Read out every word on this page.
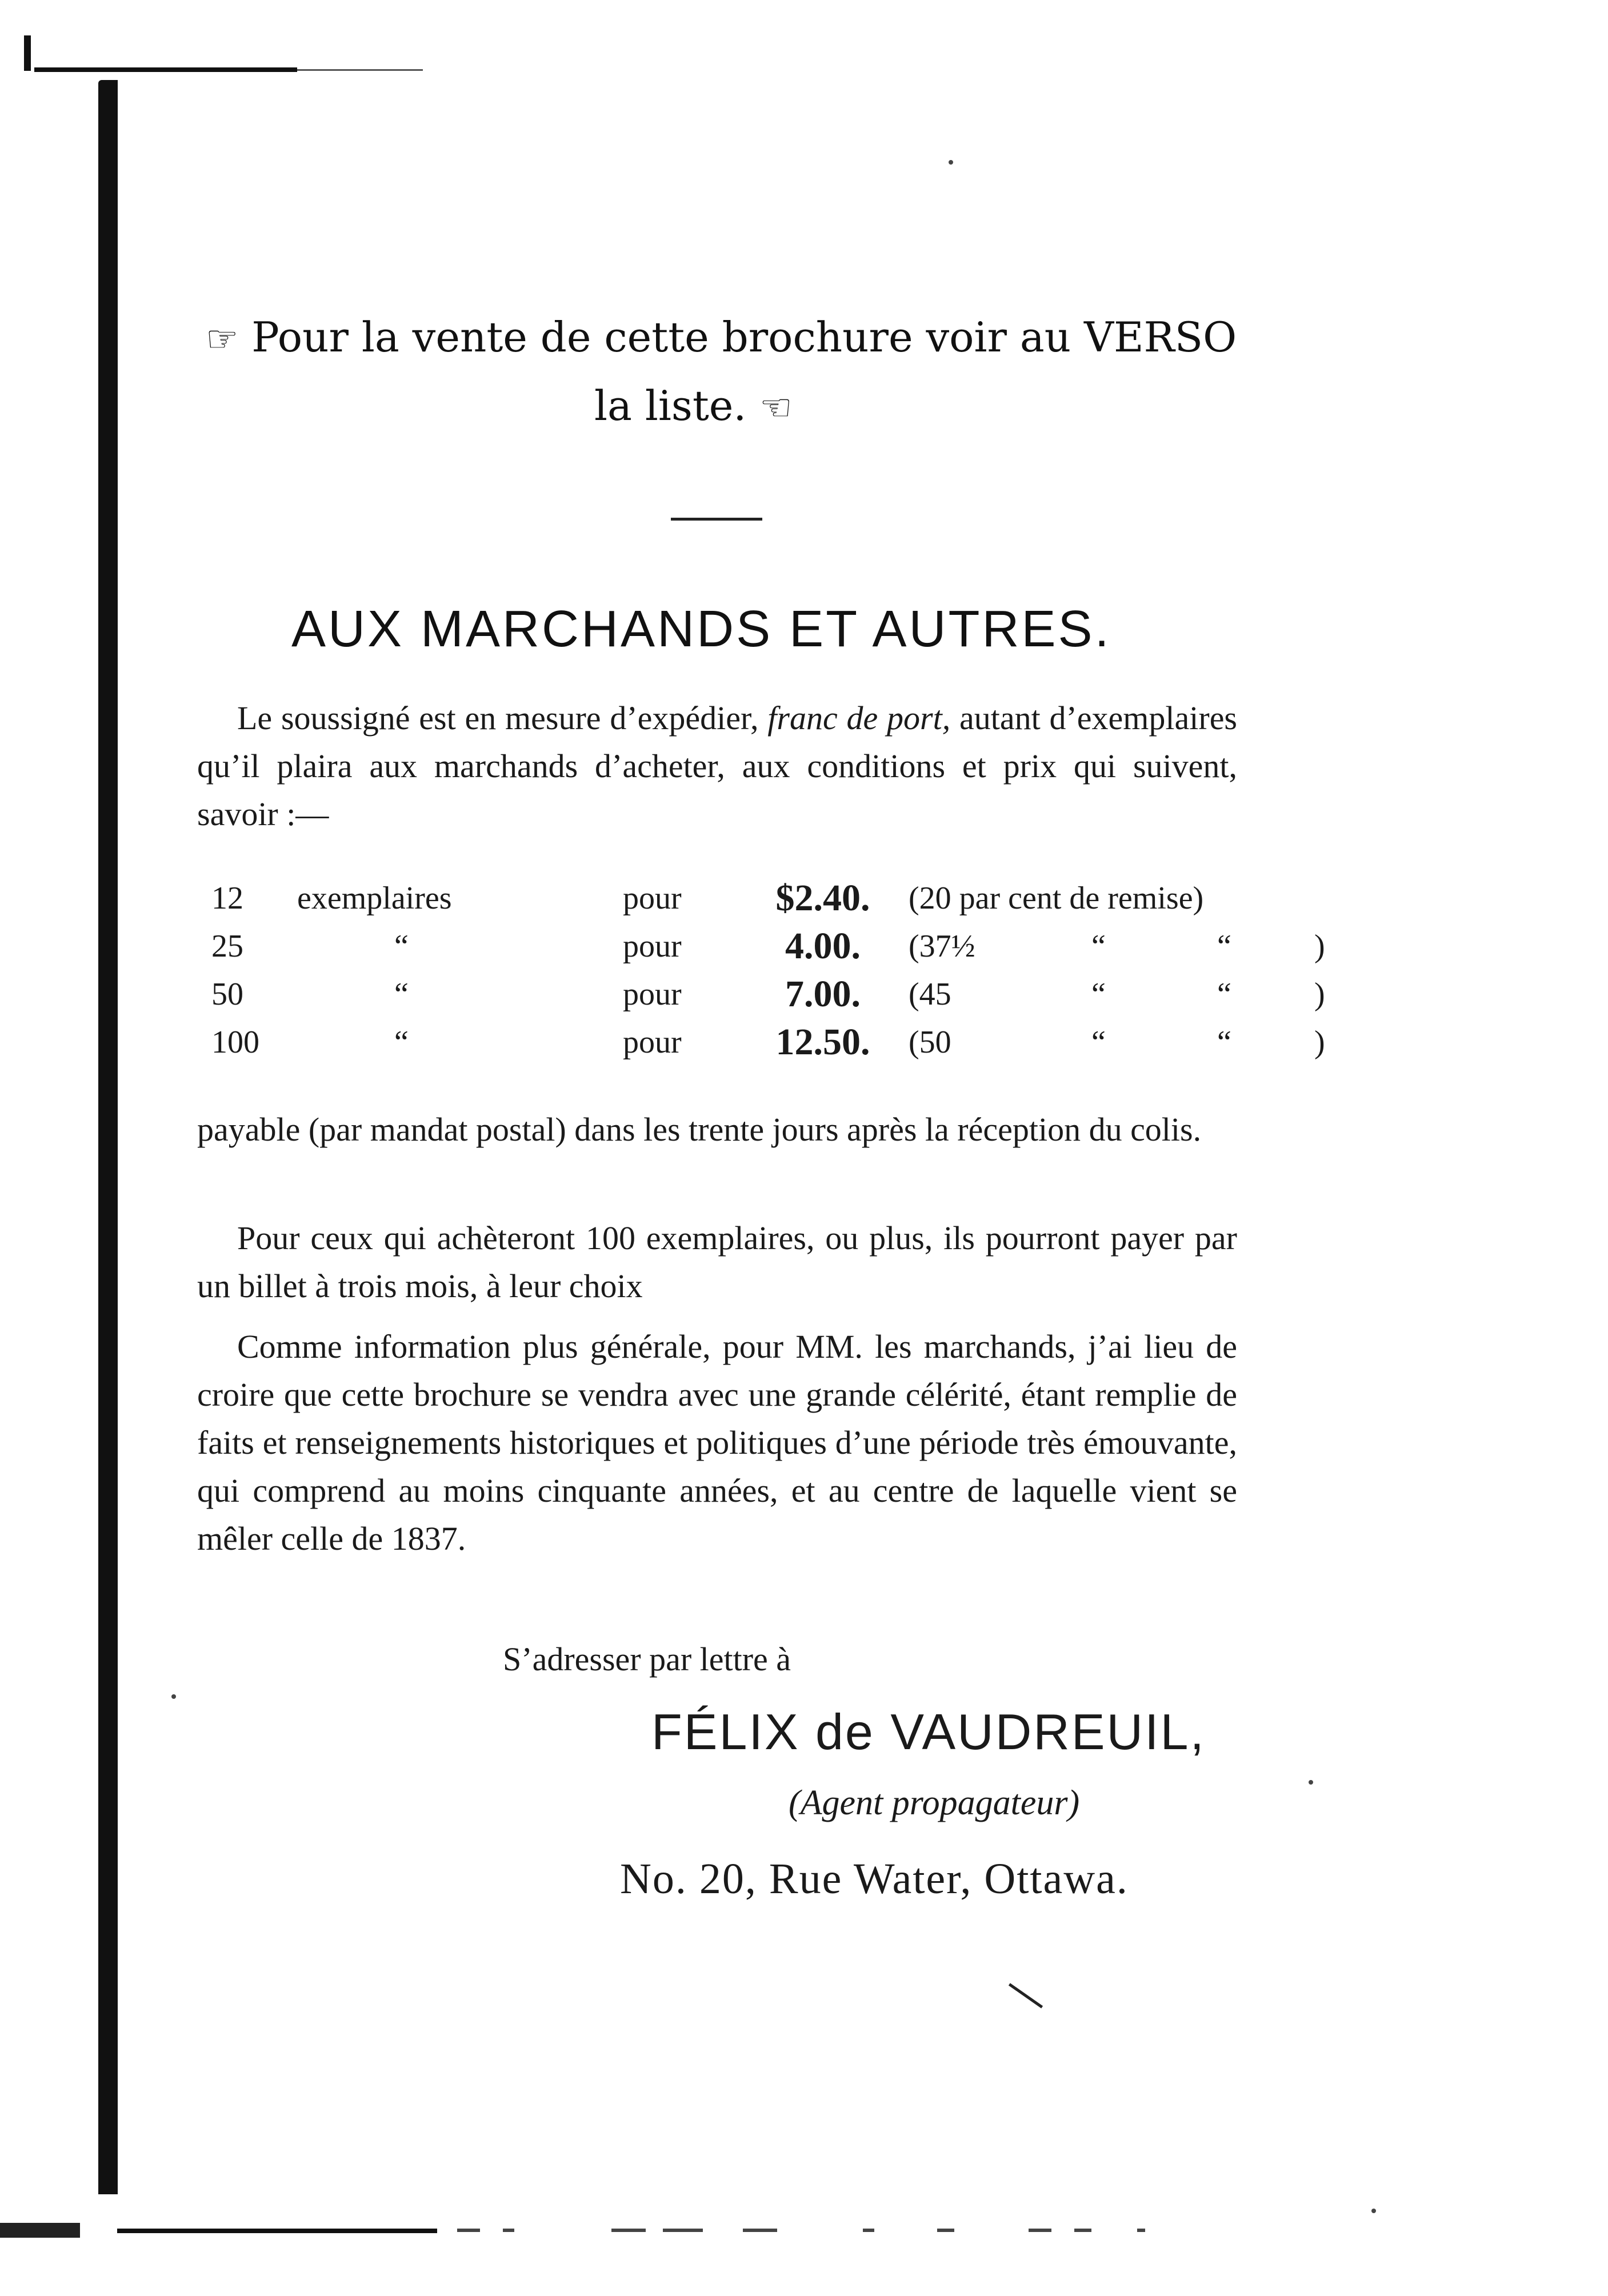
☞ Pour la vente de cette brochure voir au VERSO
la liste. ☜
AUX MARCHANDS ET AUTRES.
Le soussigné est en mesure d’expédier, franc de port, autant d’exemplaires qu’il plaira aux marchands d’acheter, aux conditions et prix qui suivent, savoir :—
12	exemplaires	pour	$2.40.	(20 par cent de remise)			
25	“	pour	4.00.	(37½	“	“	)
50	“	pour	7.00.	(45	“	“	)
100	“	pour	12.50.	(50	“	“	)
payable (par mandat postal) dans les trente jours après la réception du colis.
Pour ceux qui achèteront 100 exemplaires, ou plus, ils pourront payer par un billet à trois mois, à leur choix
Comme information plus générale, pour MM. les marchands, j’ai lieu de croire que cette brochure se vendra avec une grande célérité, étant remplie de faits et renseignements historiques et politiques d’une période très émouvante, qui comprend au moins cinquante années, et au centre de laquelle vient se mêler celle de 1837.
S’adresser par lettre à
FÉLIX de VAUDREUIL,
(Agent propagateur)
No. 20, Rue Water, Ottawa.
